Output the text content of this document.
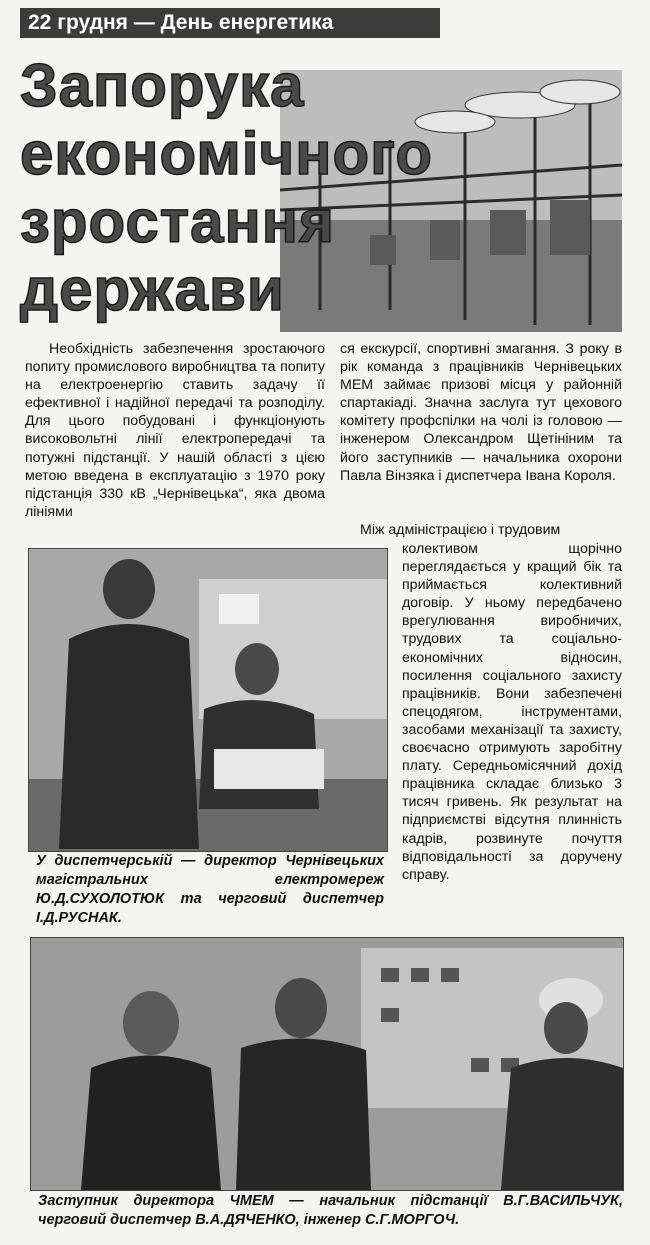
22 грудня — День енергетика
Запорука
економічного
зростання
держави

Необхідність забезпечення зростаючого попиту промислового виробництва та попиту на електроенергію ставить задачу її ефективної і надійної передачі та розподілу. Для цього побудовані і функціонують високовольтні лінії електропередачі та потужні підстанції. У нашій області з цією метою введена в експлуатацію з 1970 року підстанція 330 кВ „Чернівецька“, яка двома лініями

ся екскурсії, спортивні змагання. З року в рік команда з працівників Чернівецьких МЕМ займає призові місця у районній спартакіаді. Значна заслуга тут цехового комітету профспілки на чолі із головою — інженером Олександром Щетініним та його заступників — начальника охорони Павла Вінзяка і диспетчера Івана Короля.

Між адміністрацією і трудовим

колективом щорічно переглядається у кращий бік та приймається колективний договір. У ньому передбачено врегулювання виробничих, трудових та соціально-економічних відносин, посилення соціального захисту працівників. Вони забезпечені спецодягом, інструментами, засобами механізації та захисту, своєчасно отримують заробітну плату. Середньомісячний дохід працівника складає близько 3 тисяч гривень. Як результат на підприємстві відсутня плинність кадрів, розвинуте почуття відповідальності за доручену справу.

У диспетчерській — директор Чернівецьких магістральних електромереж Ю.Д.СУХОЛОТЮК та черговий диспетчер І.Д.РУСНАК.

Заступник директора ЧМЕМ — начальник підстанції В.Г.ВАСИЛЬЧУК, черговий диспетчер В.А.ДЯЧЕНКО, інженер С.Г.МОРГОЧ.
